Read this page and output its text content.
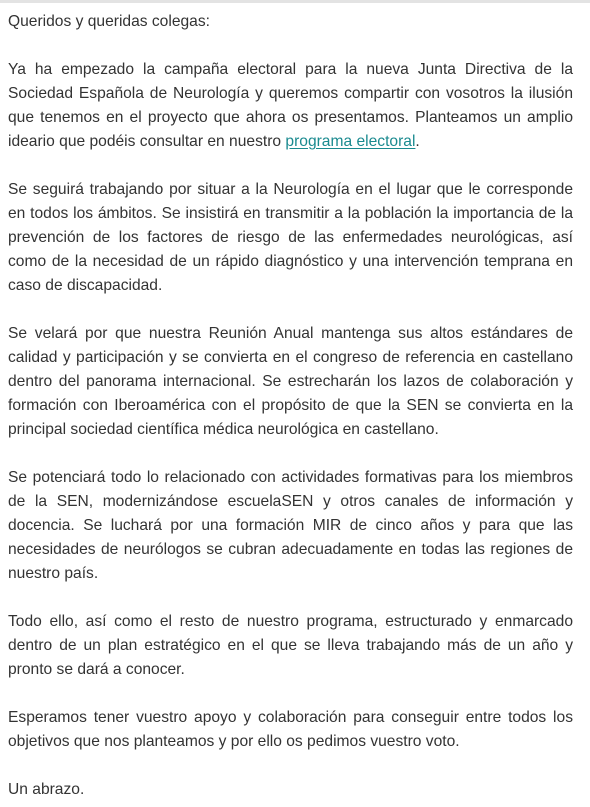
Queridos y queridas colegas:

Ya ha empezado la campaña electoral para la nueva Junta Directiva de la Sociedad Española de Neurología y queremos compartir con vosotros la ilusión que tenemos en el proyecto que ahora os presentamos. Planteamos un amplio ideario que podéis consultar en nuestro programa electoral.

Se seguirá trabajando por situar a la Neurología en el lugar que le corresponde en todos los ámbitos. Se insistirá en transmitir a la población la importancia de la prevención de los factores de riesgo de las enfermedades neurológicas, así como de la necesidad de un rápido diagnóstico y una intervención temprana en caso de discapacidad.

Se velará por que nuestra Reunión Anual mantenga sus altos estándares de calidad y participación y se convierta en el congreso de referencia en castellano dentro del panorama internacional. Se estrecharán los lazos de colaboración y formación con Iberoamérica con el propósito de que la SEN se convierta en la principal sociedad científica médica neurológica en castellano.

Se potenciará todo lo relacionado con actividades formativas para los miembros de la SEN, modernizándose escuelaSEN y otros canales de información y docencia. Se luchará por una formación MIR de cinco años y para que las necesidades de neurólogos se cubran adecuadamente en todas las regiones de nuestro país.

Todo ello, así como el resto de nuestro programa, estructurado y enmarcado dentro de un plan estratégico en el que se lleva trabajando más de un año y pronto se dará a conocer.

Esperamos tener vuestro apoyo y colaboración para conseguir entre todos los objetivos que nos planteamos y por ello os pedimos vuestro voto.

Un abrazo.
